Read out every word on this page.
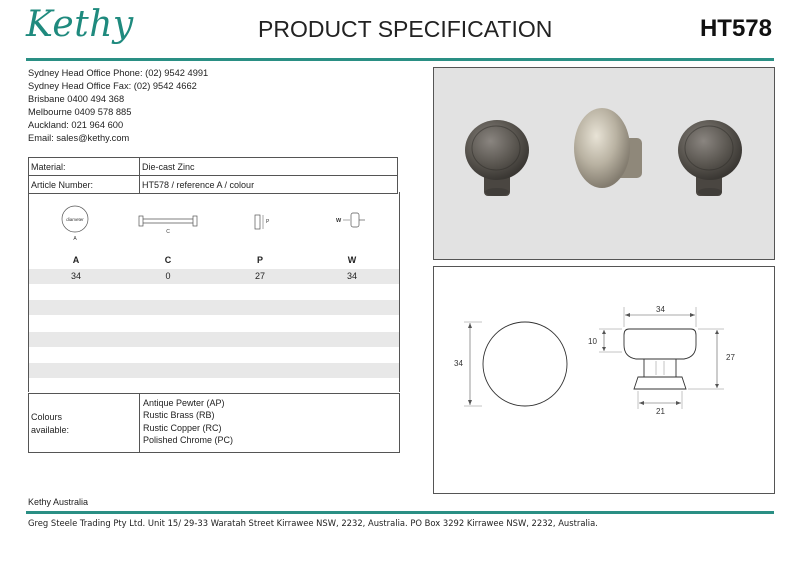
Kethy	PRODUCT SPECIFICATION	HT578
Sydney Head Office Phone: (02) 9542 4991
Sydney Head Office Fax: (02) 9542 4662
Brisbane 0400 494 368
Melbourne 0409 578 885
Auckland: 021 964 600
Email: sales@kethy.com
Material:	Die-cast Zinc
Article Number:	HT578 / reference A / colour
diameter
A
C
P	W
A	C	P	W
34	0	27	34
Colours
available:
Antique Pewter (AP)
Rustic Brass (RB)
Rustic Copper (RC)
Polished Chrome (PC)
34
34
10
27
21
Kethy Australia
Greg Steele Trading Pty Ltd. Unit 15/ 29-33 Waratah Street Kirrawee NSW, 2232, Australia. PO Box 3292 Kirrawee NSW, 2232, Australia.
